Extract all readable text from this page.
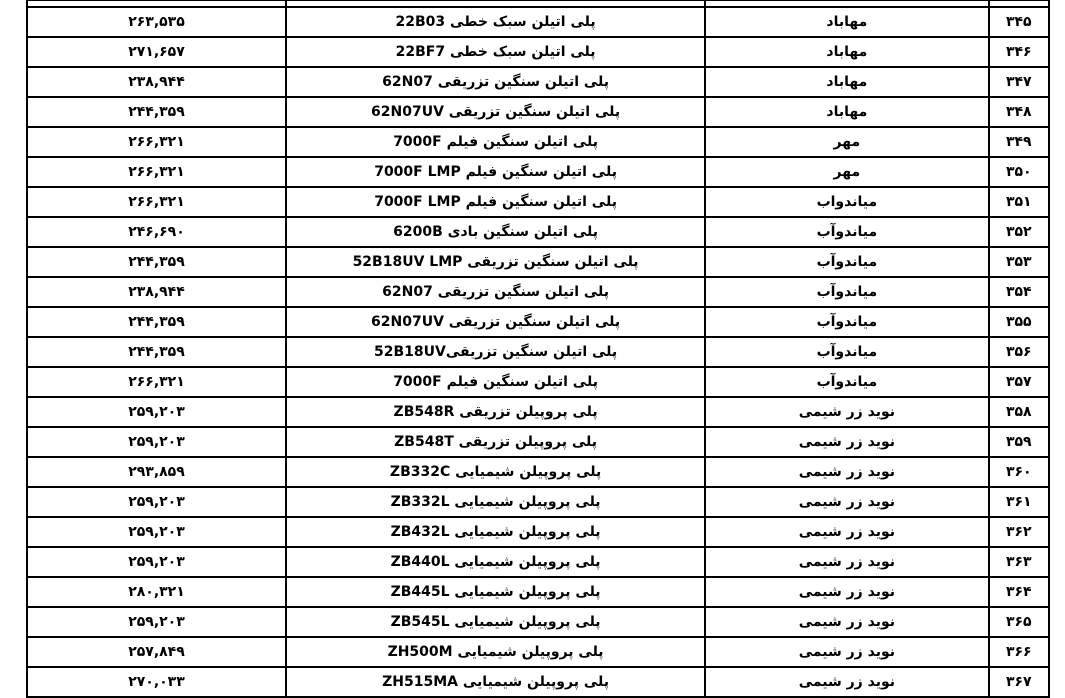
۳۴۵	مهاباد	پلی اتیلن سبک خطی 22B03	۲۶۳,۵۳۵
۳۴۶	مهاباد	پلی اتیلن سبک خطی 22BF7	۲۷۱,۶۵۷
۳۴۷	مهاباد	پلی اتیلن سنگین تزریقی 62N07	۲۳۸,۹۴۴
۳۴۸	مهاباد	پلی اتیلن سنگین تزریقی 62N07UV	۲۴۴,۳۵۹
۳۴۹	مهر	پلی اتیلن سنگین فیلم 7000F	۲۶۶,۳۲۱
۳۵۰	مهر	پلی اتیلن سنگین فیلم 7000F LMP	۲۶۶,۳۲۱
۳۵۱	میاندواب	پلی اتیلن سنگین فیلم 7000F LMP	۲۶۶,۳۲۱
۳۵۲	میاندوآب	پلی اتیلن سنگین بادی 6200B	۲۴۶,۶۹۰
۳۵۳	میاندوآب	پلی اتیلن سنگین تزریقی 52B18UV LMP	۲۴۴,۳۵۹
۳۵۴	میاندوآب	پلی اتیلن سنگین تزریقی 62N07	۲۳۸,۹۴۴
۳۵۵	میاندوآب	پلی اتیلن سنگین تزریقی 62N07UV	۲۴۴,۳۵۹
۳۵۶	میاندوآب	پلی اتیلن سنگین تزریقی52B18UV	۲۴۴,۳۵۹
۳۵۷	میاندوآب	پلی اتیلن سنگین فیلم 7000F	۲۶۶,۳۲۱
۳۵۸	نوید زر شیمی	پلی پروپیلن تزریقی ZB548R	۲۵۹,۲۰۳
۳۵۹	نوید زر شیمی	پلی پروپیلن تزریقی ZB548T	۲۵۹,۲۰۳
۳۶۰	نوید زر شیمی	پلی پروپیلن شیمیایی ZB332C	۲۹۳,۸۵۹
۳۶۱	نوید زر شیمی	پلی پروپیلن شیمیایی ZB332L	۲۵۹,۲۰۳
۳۶۲	نوید زر شیمی	پلی پروپیلن شیمیایی ZB432L	۲۵۹,۲۰۳
۳۶۳	نوید زر شیمی	پلی پروپیلن شیمیایی ZB440L	۲۵۹,۲۰۳
۳۶۴	نوید زر شیمی	پلی پروپیلن شیمیایی ZB445L	۲۸۰,۳۲۱
۳۶۵	نوید زر شیمی	پلی پروپیلن شیمیایی ZB545L	۲۵۹,۲۰۳
۳۶۶	نوید زر شیمی	پلی پروپیلن شیمیایی ZH500M	۲۵۷,۸۴۹
۳۶۷	نوید زر شیمی	پلی پروپیلن شیمیایی ZH515MA	۲۷۰,۰۳۳
